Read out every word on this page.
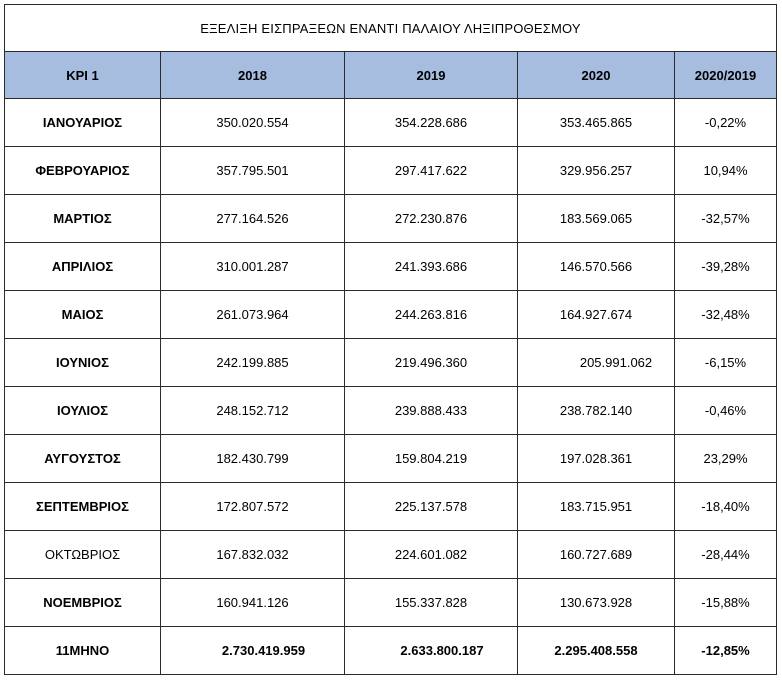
ΕΞΕΛΙΞΗ ΕΙΣΠΡΑΞΕΩΝ ΕΝΑΝΤΙ ΠΑΛΑΙΟΥ ΛΗΞΙΠΡΟΘΕΣΜΟΥ				
KPI 1	2018	2019	2020	2020/2019
ΙΑΝΟΥΑΡΙΟΣ	350.020.554	354.228.686	353.465.865	-0,22%
ΦΕΒΡΟΥΑΡΙΟΣ	357.795.501	297.417.622	329.956.257	10,94%
ΜΑΡΤΙΟΣ	277.164.526	272.230.876	183.569.065	-32,57%
ΑΠΡΙΛΙΟΣ	310.001.287	241.393.686	146.570.566	-39,28%
ΜΑΙΟΣ	261.073.964	244.263.816	164.927.674	-32,48%
ΙΟΥΝΙΟΣ	242.199.885	219.496.360	205.991.062	-6,15%
ΙΟΥΛΙΟΣ	248.152.712	239.888.433	238.782.140	-0,46%
ΑΥΓΟΥΣΤΟΣ	182.430.799	159.804.219	197.028.361	23,29%
ΣΕΠΤΕΜΒΡΙΟΣ	172.807.572	225.137.578	183.715.951	-18,40%
ΟΚΤΩΒΡΙΟΣ	167.832.032	224.601.082	160.727.689	-28,44%
ΝΟΕΜΒΡΙΟΣ	160.941.126	155.337.828	130.673.928	-15,88%
11ΜΗΝΟ	2.730.419.959	2.633.800.187	2.295.408.558	-12,85%
